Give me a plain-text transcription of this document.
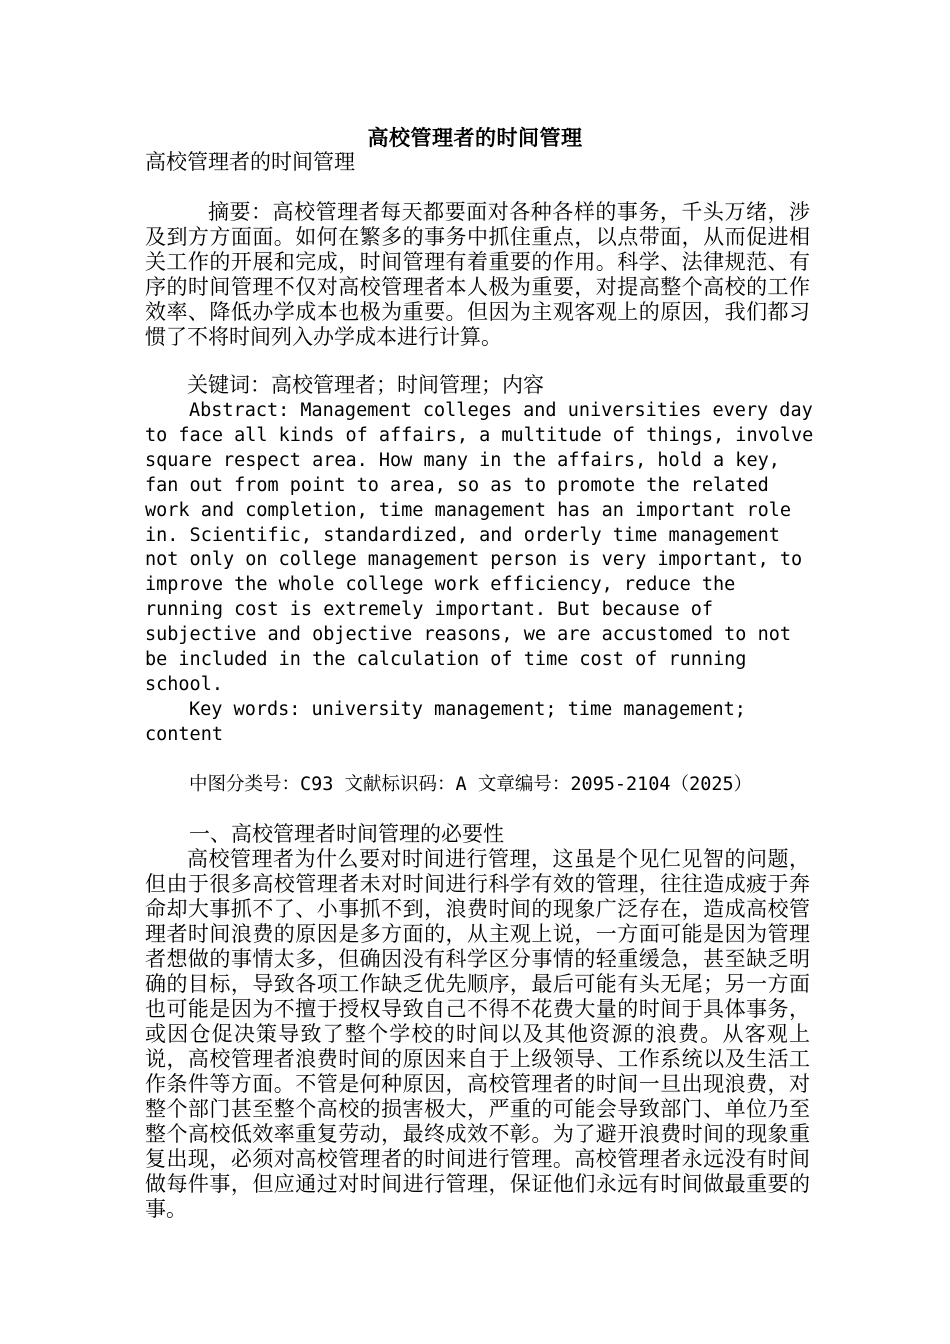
高校管理者的时间管理

高校管理者的时间管理

摘要：高校管理者每天都要面对各种各样的事务，千头万绪，涉及到方方面面。如何在繁多的事务中抓住重点，以点带面，从而促进相关工作的开展和完成，时间管理有着重要的作用。科学、法律规范、有序的时间管理不仅对高校管理者本人极为重要，对提高整个高校的工作效率、降低办学成本也极为重要。但因为主观客观上的原因，我们都习惯了不将时间列入办学成本进行计算。

关键词：高校管理者；时间管理；内容

Abstract: Management colleges and universities every day to face all kinds of affairs, a multitude of things, involve square respect area. How many in the affairs, hold a key, fan out from point to area, so as to promote the related work and completion, time management has an important role in. Scientific, standardized, and orderly time management not only on college management person is very important, to improve the whole college work efficiency, reduce the running cost is extremely important. But because of subjective and objective reasons, we are accustomed to not be included in the calculation of time cost of running school.

Key words: university management; time management; content

中图分类号：C93 文献标识码：A 文章编号：2095-2104（2025）

一、高校管理者时间管理的必要性

高校管理者为什么要对时间进行管理，这虽是个见仁见智的问题，但由于很多高校管理者未对时间进行科学有效的管理，往往造成疲于奔命却大事抓不了、小事抓不到，浪费时间的现象广泛存在，造成高校管理者时间浪费的原因是多方面的，从主观上说，一方面可能是因为管理者想做的事情太多，但确因没有科学区分事情的轻重缓急，甚至缺乏明确的目标，导致各项工作缺乏优先顺序，最后可能有头无尾；另一方面也可能是因为不擅于授权导致自己不得不花费大量的时间于具体事务，或因仓促决策导致了整个学校的时间以及其他资源的浪费。从客观上说，高校管理者浪费时间的原因来自于上级领导、工作系统以及生活工作条件等方面。不管是何种原因，高校管理者的时间一旦出现浪费，对整个部门甚至整个高校的损害极大，严重的可能会导致部门、单位乃至整个高校低效率重复劳动，最终成效不彰。为了避开浪费时间的现象重复出现，必须对高校管理者的时间进行管理。高校管理者永远没有时间做每件事，但应通过对时间进行管理，保证他们永远有时间做最重要的事。
